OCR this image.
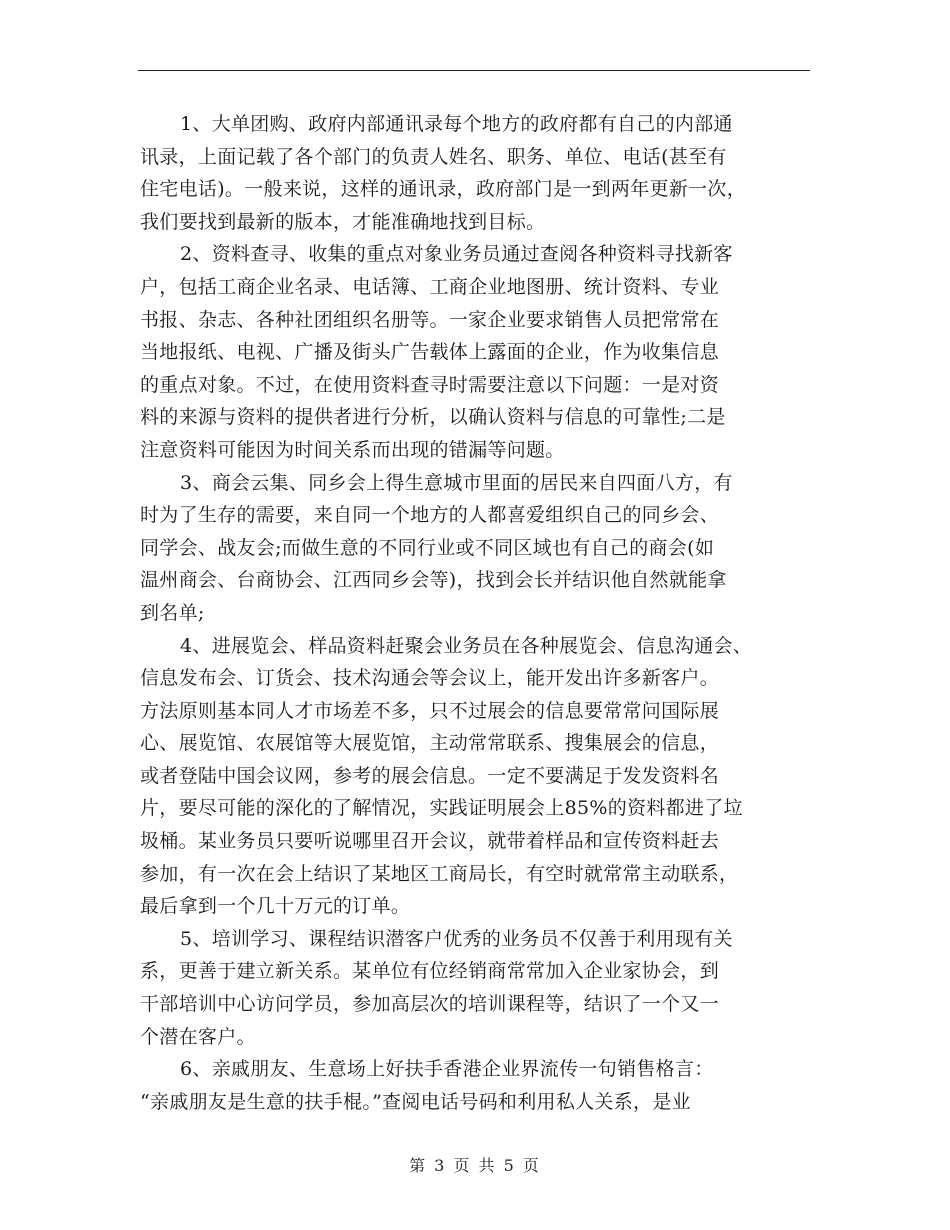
1、大单团购、政府内部通讯录每个地方的政府都有自己的内部通
讯录，上面记载了各个部门的负责人姓名、职务、单位、电话(甚至有
住宅电话)。一般来说，这样的通讯录，政府部门是一到两年更新一次，
我们要找到最新的版本，才能准确地找到目标。

2、资料查寻、收集的重点对象业务员通过查阅各种资料寻找新客
户，包括工商企业名录、电话簿、工商企业地图册、统计资料、专业
书报、杂志、各种社团组织名册等。一家企业要求销售人员把常常在
当地报纸、电视、广播及街头广告载体上露面的企业，作为收集信息
的重点对象。不过，在使用资料查寻时需要注意以下问题：一是对资
料的来源与资料的提供者进行分析，以确认资料与信息的可靠性;二是
注意资料可能因为时间关系而出现的错漏等问题。

3、商会云集、同乡会上得生意城市里面的居民来自四面八方，有
时为了生存的需要，来自同一个地方的人都喜爱组织自己的同乡会、
同学会、战友会;而做生意的不同行业或不同区域也有自己的商会(如
温州商会、台商协会、江西同乡会等)，找到会长并结识他自然就能拿
到名单;

4、进展览会、样品资料赶聚会业务员在各种展览会、信息沟通会、
信息发布会、订货会、技术沟通会等会议上，能开发出许多新客户。
方法原则基本同人才市场差不多，只不过展会的信息要常常问国际展
心、展览馆、农展馆等大展览馆，主动常常联系、搜集展会的信息，
或者登陆中国会议网，参考的展会信息。一定不要满足于发发资料名
片，要尽可能的深化的了解情况，实践证明展会上85%的资料都进了垃
圾桶。某业务员只要听说哪里召开会议，就带着样品和宣传资料赶去
参加，有一次在会上结识了某地区工商局长，有空时就常常主动联系，
最后拿到一个几十万元的订单。

5、培训学习、课程结识潜客户优秀的业务员不仅善于利用现有关
系，更善于建立新关系。某单位有位经销商常常加入企业家协会，到
干部培训中心访问学员，参加高层次的培训课程等，结识了一个又一
个潜在客户。

6、亲戚朋友、生意场上好扶手香港企业界流传一句销售格言：
“亲戚朋友是生意的扶手棍。”查阅电话号码和利用私人关系，是业

第 3 页 共 5 页
